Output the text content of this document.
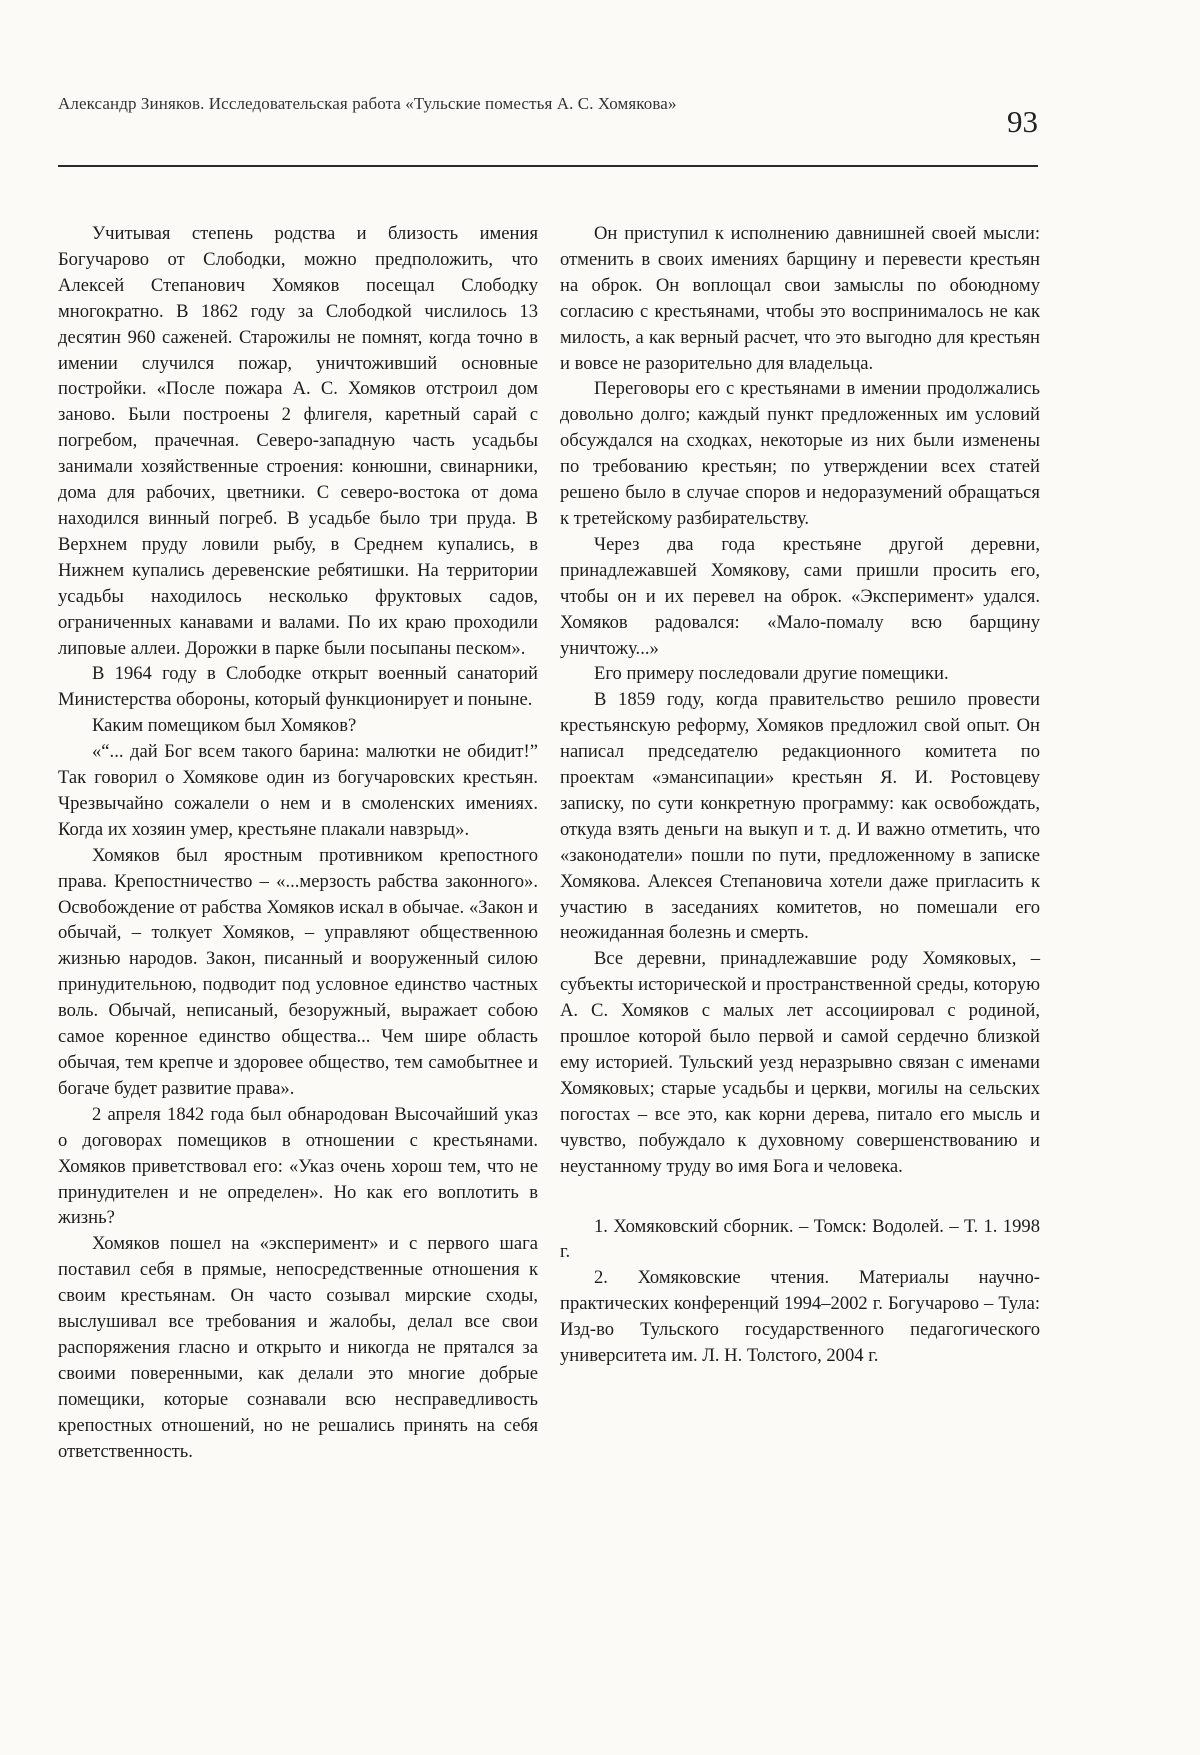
Александр Зиняков. Исследовательская работа «Тульские поместья А. С. Хомякова»
93

Учитывая степень родства и близость имения Богучарово от Слободки, можно предположить, что Алексей Степанович Хомяков посещал Слободку многократно. В 1862 году за Слободкой числилось 13 десятин 960 саженей. Старожилы не помнят, когда точно в имении случился пожар, уничтоживший основные постройки. «После пожара А. С. Хомяков отстроил дом заново. Были построены 2 флигеля, каретный сарай с погребом, прачечная. Северо-западную часть усадьбы занимали хозяйственные строения: конюшни, свинарники, дома для рабочих, цветники. С северо-востока от дома находился винный погреб. В усадьбе было три пруда. В Верхнем пруду ловили рыбу, в Среднем купались, в Нижнем купались деревенские ребятишки. На территории усадьбы находилось несколько фруктовых садов, ограниченных канавами и валами. По их краю проходили липовые аллеи. Дорожки в парке были посыпаны песком».

В 1964 году в Слободке открыт военный санаторий Министерства обороны, который функционирует и поныне.

Каким помещиком был Хомяков?

«“... дай Бог всем такого барина: малютки не обидит!” Так говорил о Хомякове один из богучаровских крестьян. Чрезвычайно сожалели о нем и в смоленских имениях. Когда их хозяин умер, крестьяне плакали навзрыд».

Хомяков был яростным противником крепостного права. Крепостничество – «...мерзость рабства законного». Освобождение от рабства Хомяков искал в обычае. «Закон и обычай, – толкует Хомяков, – управляют общественною жизнью народов. Закон, писанный и вооруженный силою принудительною, подводит под условное единство частных воль. Обычай, неписаный, безоружный, выражает собою самое коренное единство общества... Чем шире область обычая, тем крепче и здоровее общество, тем самобытнее и богаче будет развитие права».

2 апреля 1842 года был обнародован Высочайший указ о договорах помещиков в отношении с крестьянами. Хомяков приветствовал его: «Указ очень хорош тем, что не принудителен и не определен». Но как его воплотить в жизнь?

Хомяков пошел на «эксперимент» и с первого шага поставил себя в прямые, непосредственные отношения к своим крестьянам. Он часто созывал мирские сходы, выслушивал все требования и жалобы, делал все свои распоряжения гласно и открыто и никогда не прятался за своими поверенными, как делали это многие добрые помещики, которые сознавали всю несправедливость крепостных отношений, но не решались принять на себя ответственность.

Он приступил к исполнению давнишней своей мысли: отменить в своих имениях барщину и перевести крестьян на оброк. Он воплощал свои замыслы по обоюдному согласию с крестьянами, чтобы это воспринималось не как милость, а как верный расчет, что это выгодно для крестьян и вовсе не разорительно для владельца.

Переговоры его с крестьянами в имении продолжались довольно долго; каждый пункт предложенных им условий обсуждался на сходках, некоторые из них были изменены по требованию крестьян; по утверждении всех статей решено было в случае споров и недоразумений обращаться к третейскому разбирательству.

Через два года крестьяне другой деревни, принадлежавшей Хомякову, сами пришли просить его, чтобы он и их перевел на оброк. «Эксперимент» удался. Хомяков радовался: «Мало-помалу всю барщину уничтожу...»

Его примеру последовали другие помещики.

В 1859 году, когда правительство решило провести крестьянскую реформу, Хомяков предложил свой опыт. Он написал председателю редакционного комитета по проектам «эмансипации» крестьян Я. И. Ростовцеву записку, по сути конкретную программу: как освобождать, откуда взять деньги на выкуп и т. д. И важно отметить, что «законодатели» пошли по пути, предложенному в записке Хомякова. Алексея Степановича хотели даже пригласить к участию в заседаниях комитетов, но помешали его неожиданная болезнь и смерть.

Все деревни, принадлежавшие роду Хомяковых, – субъекты исторической и пространственной среды, которую А. С. Хомяков с малых лет ассоциировал с родиной, прошлое которой было первой и самой сердечно близкой ему историей. Тульский уезд неразрывно связан с именами Хомяковых; старые усадьбы и церкви, могилы на сельских погостах – все это, как корни дерева, питало его мысль и чувство, побуждало к духовному совершенствованию и неустанному труду во имя Бога и человека.

1. Хомяковский сборник. – Томск: Водолей. – Т. 1. 1998 г.

2. Хомяковские чтения. Материалы научно-практических конференций 1994–2002 г. Богучарово – Тула: Изд-во Тульского государственного педагогического университета им. Л. Н. Толстого, 2004 г.
